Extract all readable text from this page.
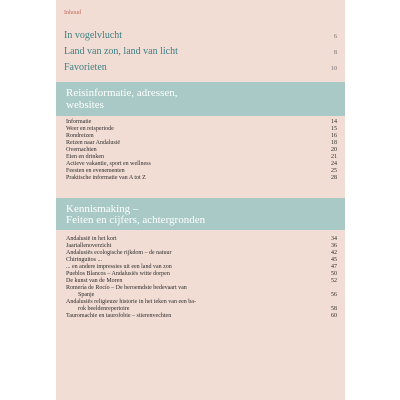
Inhoud
In vogelvlucht	6
Land van zon, land van licht	8
Favorieten	10
Reisinformatie, adressen,
websites
Informatie	14
Weer en reisperiode	15
Rondreizen	16
Reizen naar Andalusië	18
Overnachten	20
Eten en drinken	21
Actieve vakantie, sport en wellness	24
Feesten en evenementen	25
Praktische informatie van A tot Z	28
Kennismaking –
Feiten en cijfers, achtergronden
Andalusië in het kort	34
Jaartallenoverzicht	36
Andalusiës ecologische rijkdom – de natuur	42
Chiringuitos ...	45
... en andere impressies uit een land van zon	47
Pueblos Blancos – Andalusiës witte dorpen	50
De kunst van de Moren	52
Romería de Rocío – De beroemdste bedevaart van
Spanje	56
Andalusiës religieuze historie in het teken van een ba-
rok beeldenrepertoire	58
Tauromachie en taurofobie – stierenvechten	60
